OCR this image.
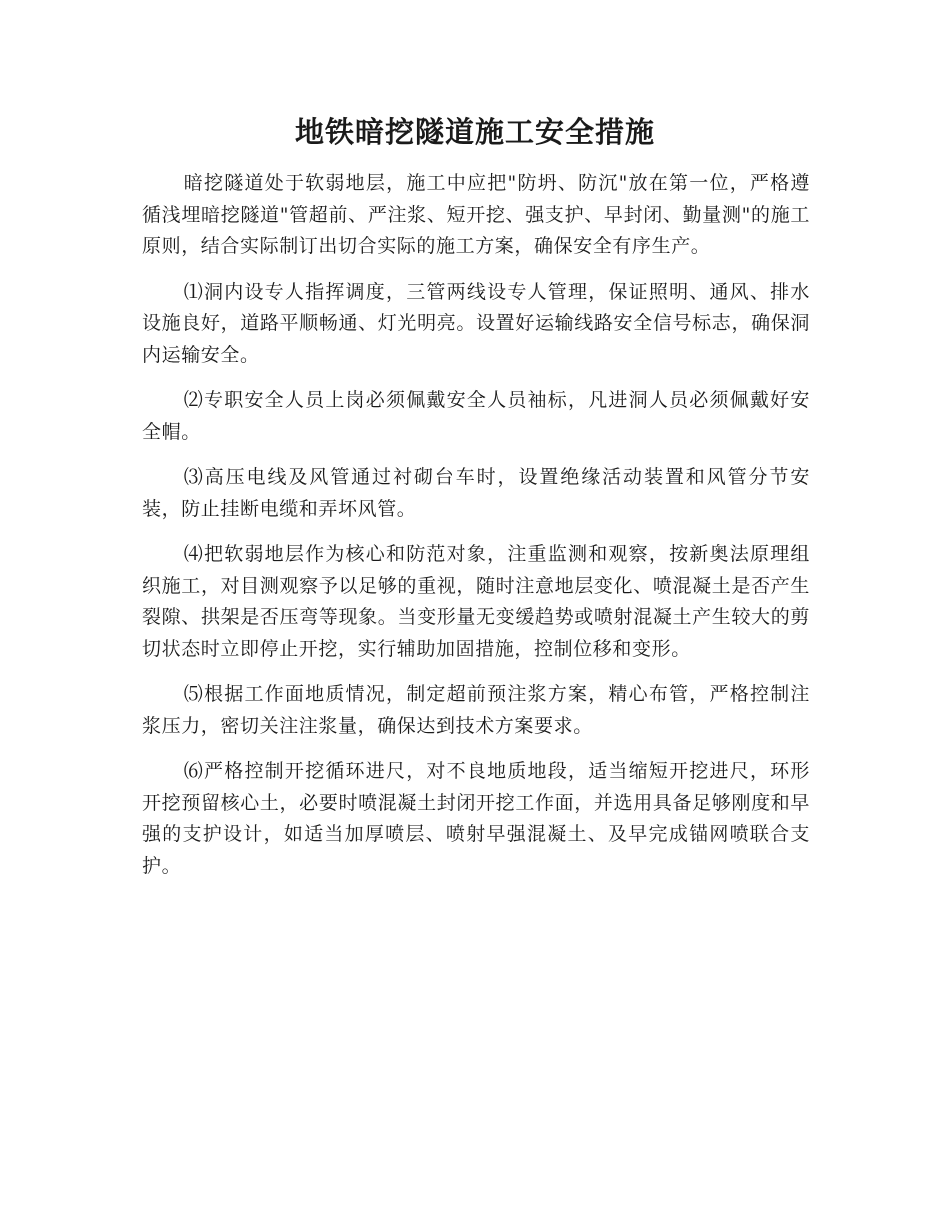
地铁暗挖隧道施工安全措施

暗挖隧道处于软弱地层，施工中应把"防坍、防沉"放在第一位，严格遵循浅埋暗挖隧道"管超前、严注浆、短开挖、强支护、早封闭、勤量测"的施工原则，结合实际制订出切合实际的施工方案，确保安全有序生产。

⑴洞内设专人指挥调度，三管两线设专人管理，保证照明、通风、排水设施良好，道路平顺畅通、灯光明亮。设置好运输线路安全信号标志，确保洞内运输安全。

⑵专职安全人员上岗必须佩戴安全人员袖标，凡进洞人员必须佩戴好安全帽。

⑶高压电线及风管通过衬砌台车时，设置绝缘活动装置和风管分节安装，防止挂断电缆和弄坏风管。

⑷把软弱地层作为核心和防范对象，注重监测和观察，按新奥法原理组织施工，对目测观察予以足够的重视，随时注意地层变化、喷混凝土是否产生裂隙、拱架是否压弯等现象。当变形量无变缓趋势或喷射混凝土产生较大的剪切状态时立即停止开挖，实行辅助加固措施，控制位移和变形。

⑸根据工作面地质情况，制定超前预注浆方案，精心布管，严格控制注浆压力，密切关注注浆量，确保达到技术方案要求。

⑹严格控制开挖循环进尺，对不良地质地段，适当缩短开挖进尺，环形开挖预留核心土，必要时喷混凝土封闭开挖工作面，并选用具备足够刚度和早强的支护设计，如适当加厚喷层、喷射早强混凝土、及早完成锚网喷联合支护。
